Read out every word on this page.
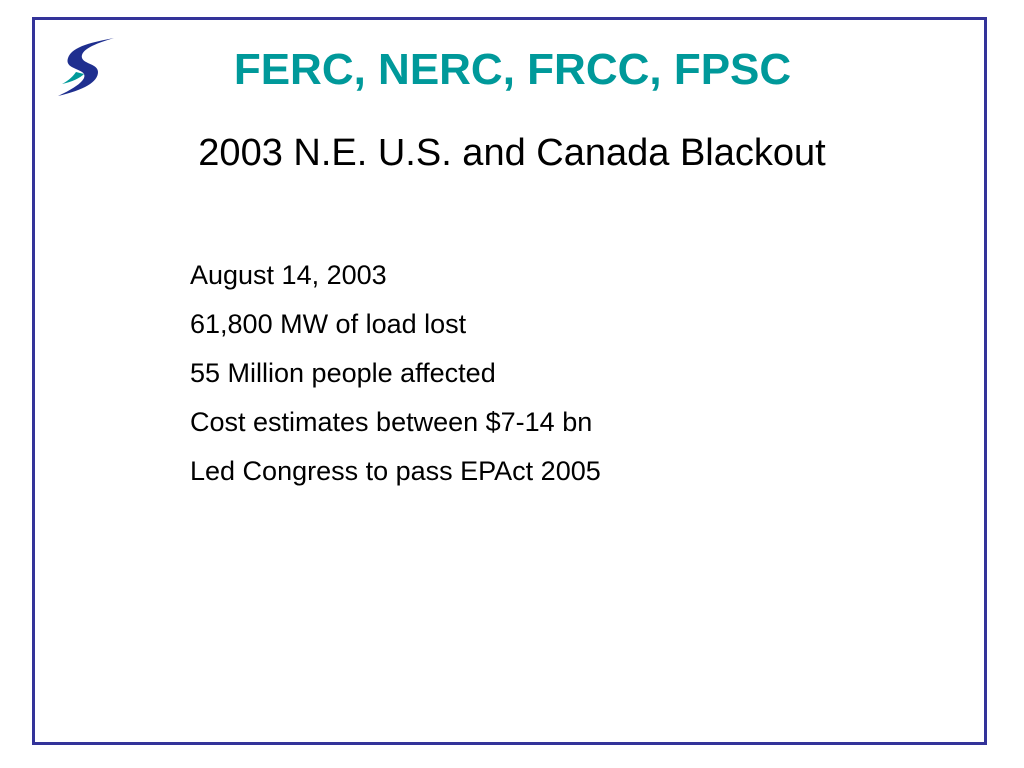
FERC, NERC, FRCC, FPSC
2003 N.E. U.S. and Canada Blackout
August 14, 2003
61,800 MW of load lost
55 Million people affected
Cost estimates between $7-14 bn
Led Congress to pass EPAct 2005
